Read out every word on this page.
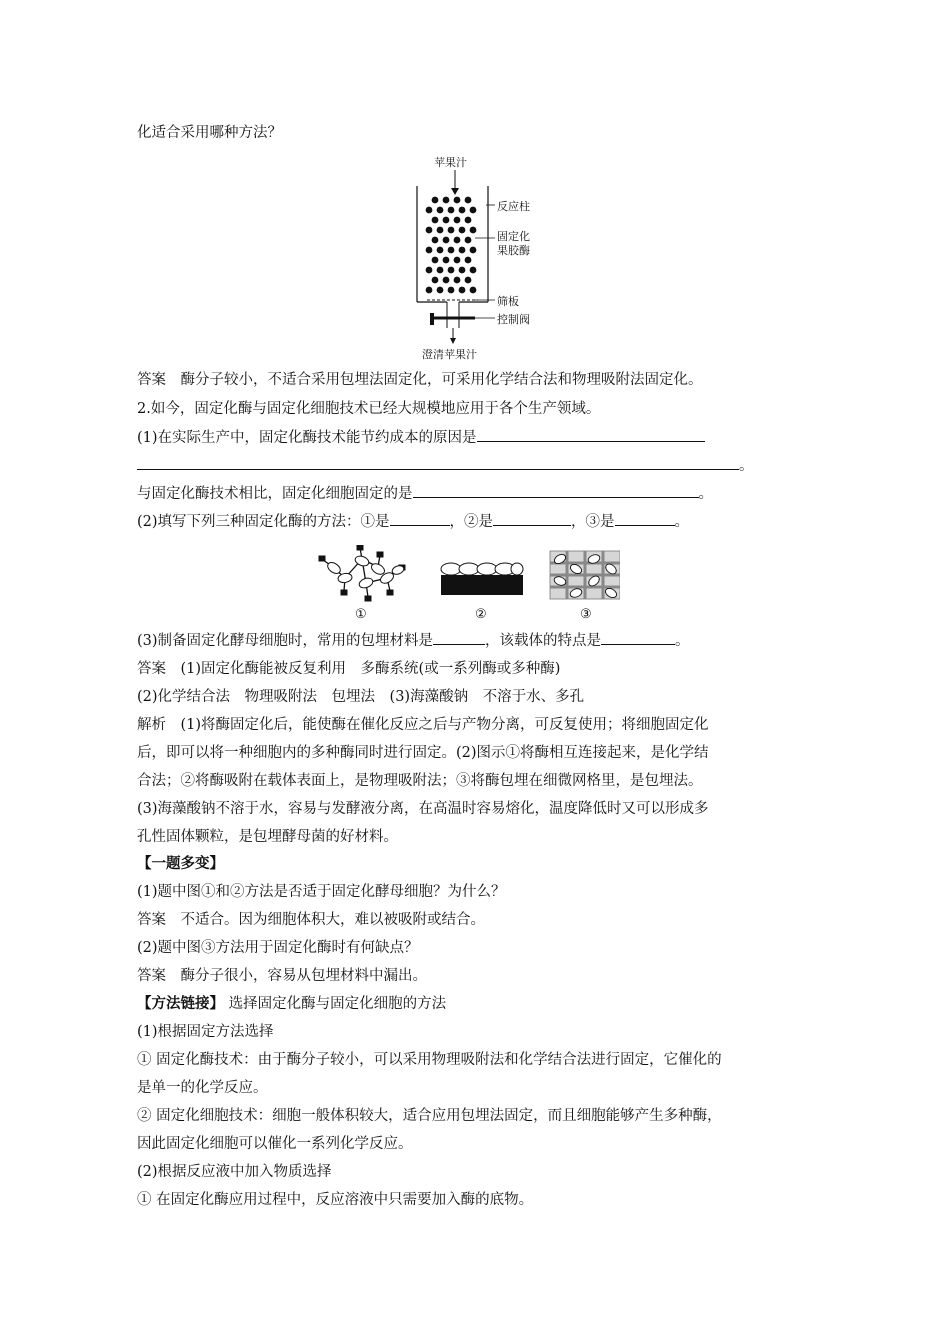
化适合采用哪种方法？
苹果汁
反应柱
固定化
果胶酶
筛板
控制阀
澄清苹果汁
答案　酶分子较小，不适合采用包埋法固定化，可采用化学结合法和物理吸附法固定化。
2.如今，固定化酶与固定化细胞技术已经大规模地应用于各个生产领域。
(1)在实际生产中，固定化酶技术能节约成本的原因是
。
与固定化酶技术相比，固定化细胞固定的是	。
(2)填写下列三种固定化酶的方法：①是	，②是	，③是	。
①	②	③
(3)制备固定化酵母细胞时，常用的包埋材料是	，该载体的特点是	。
答案　(1)固定化酶能被反复利用　多酶系统(或一系列酶或多种酶)
(2)化学结合法　物理吸附法　包埋法　(3)海藻酸钠　不溶于水、多孔
解析　(1)将酶固定化后，能使酶在催化反应之后与产物分离，可反复使用；将细胞固定化
后，即可以将一种细胞内的多种酶同时进行固定。(2)图示①将酶相互连接起来，是化学结
合法；②将酶吸附在载体表面上，是物理吸附法；③将酶包埋在细微网格里，是包埋法。
(3)海藻酸钠不溶于水，容易与发酵液分离，在高温时容易熔化，温度降低时又可以形成多
孔性固体颗粒，是包埋酵母菌的好材料。
【一题多变】
(1)题中图①和②方法是否适于固定化酵母细胞？为什么？
答案　不适合。因为细胞体积大，难以被吸附或结合。
(2)题中图③方法用于固定化酶时有何缺点？
答案　酶分子很小，容易从包埋材料中漏出。
【方法链接】 选择固定化酶与固定化细胞的方法
(1)根据固定方法选择
① 固定化酶技术：由于酶分子较小，可以采用物理吸附法和化学结合法进行固定，它催化的
是单一的化学反应。
② 固定化细胞技术：细胞一般体积较大，适合应用包埋法固定，而且细胞能够产生多种酶，
因此固定化细胞可以催化一系列化学反应。
(2)根据反应液中加入物质选择
① 在固定化酶应用过程中，反应溶液中只需要加入酶的底物。
